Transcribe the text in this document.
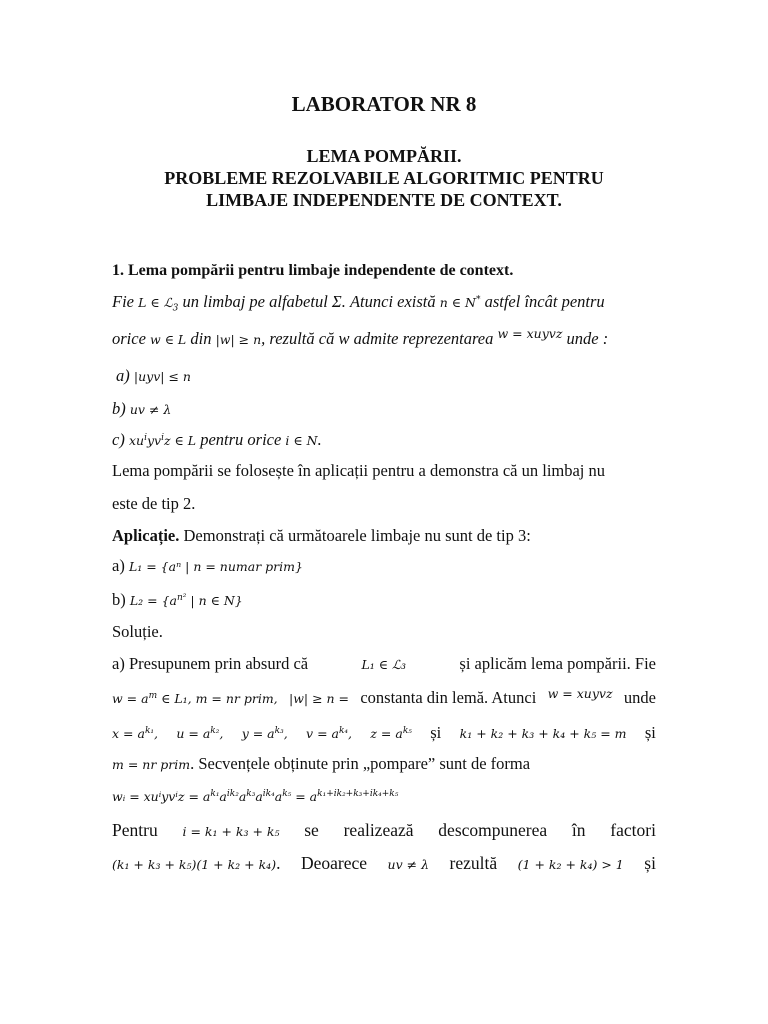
LABORATOR NR 8
LEMA POMPĂRII.
PROBLEME REZOLVABILE ALGORITMIC PENTRU
LIMBAJE INDEPENDENTE DE CONTEXT.
1. Lema pompării pentru limbaje independente de context.
Fie L ∈ ℒ$_3$ un limbaj pe alfabetul Σ. Atunci există n ∈ N* astfel încât pentru
orice w ∈ L din |w| ≥ n, rezultă că w admite reprezentarea $^{w = xuyvz}$ unde :
a) |uyv| ≤ n
b) uv ≠ λ
c) $xu^iyv^iz$ ∈ L pentru orice i ∈ N.
Lema pompării se folosește în aplicații pentru a demonstra că un limbaj nu
este de tip 2.
Aplicație. Demonstrați că următoarele limbaje nu sunt de tip 3:
a) L₁ = {aⁿ | n = numar prim}
b) $L_2 = \{a^{n^2}$ | n ∈ N}
Soluție.
a) Presupunem prin absurd că	L₁ ∈ ℒ₃	și aplicăm lema pompării. Fie
$w = a^m$ ∈ L₁, m = nr prim, |w| ≥ n = constanta din lemă. Atunci w = xuyvz unde
$x = a^{k_1}$, $u = a^{k_2}$, $y = a^{k_3}$, $v = a^{k_4}$, $z = a^{k_5}$ și k₁ + k₂ + k₃ + k₄ + k₅ = m și
m = nr prim. Secvențele obținute prin „pompare” sunt de forma
wᵢ = $xu^iyv^iz = a^{k_1}a^{ik_2}a^{k_3}a^{ik_4}a^{k_5} = a^{k_1+ik_2+k_3+ik_4+k_5}$
Pentru i = k₁ + k₃ + k₅ se realizează descompunerea în factori
(k₁ + k₃ + k₅)(1 + k₂ + k₄). Deoarece uv ≠ λ rezultă (1 + k₂ + k₄) > 1 și
